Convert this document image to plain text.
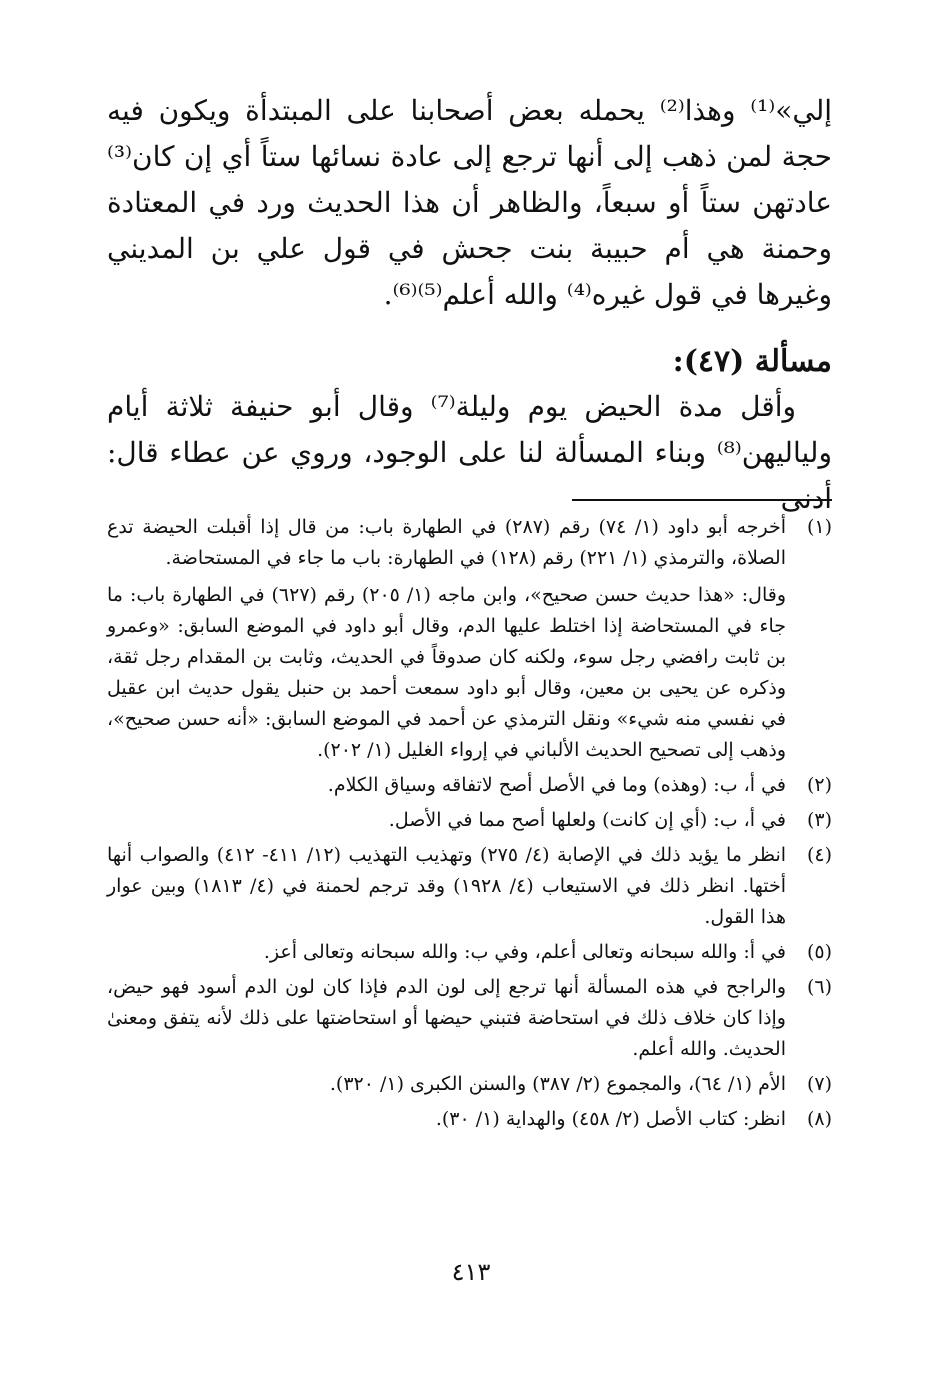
إلي»⁽¹⁾ وهذا⁽²⁾ يحمله بعض أصحابنا على المبتدأة ويكون فيه حجة لمن ذهب إلى أنها ترجع إلى عادة نسائها ستاً أي إن كان⁽³⁾ عادتهن ستاً أو سبعاً، والظاهر أن هذا الحديث ورد في المعتادة وحمنة هي أم حبيبة بنت جحش في قول علي بن المديني وغيرها في قول غيره⁽⁴⁾ والله أعلم⁽⁵⁾⁽⁶⁾.

مسألة (٤٧):

وأقل مدة الحيض يوم وليلة⁽⁷⁾ وقال أبو حنيفة ثلاثة أيام ولياليهن⁽⁸⁾ وبناء المسألة لنا على الوجود، وروي عن عطاء قال: أدنى

(١)

أخرجه أبو داود (١/ ٧٤) رقم (٢٨٧) في الطهارة باب: من قال إذا أقبلت الحيضة تدع الصلاة، والترمذي (١/ ٢٢١) رقم (١٢٨) في الطهارة: باب ما جاء في المستحاضة.

وقال: «هذا حديث حسن صحيح»، وابن ماجه (١/ ٢٠٥) رقم (٦٢٧) في الطهارة باب: ما جاء في المستحاضة إذا اختلط عليها الدم، وقال أبو داود في الموضع السابق: «وعمرو بن ثابت رافضي رجل سوء، ولكنه كان صدوقاً في الحديث، وثابت بن المقدام رجل ثقة، وذكره عن يحيى بن معين، وقال أبو داود سمعت أحمد بن حنبل يقول حديث ابن عقيل في نفسي منه شيء» ونقل الترمذي عن أحمد في الموضع السابق: «أنه حسن صحيح»، وذهب إلى تصحيح الحديث الألباني في إرواء الغليل (١/ ٢٠٢).

(٢)

في أ، ب: (وهذه) وما في الأصل أصح لاتفاقه وسياق الكلام.

(٣)

في أ، ب: (أي إن كانت) ولعلها أصح مما في الأصل.

(٤)

انظر ما يؤيد ذلك في الإصابة (٤/ ٢٧٥) وتهذيب التهذيب (١٢/ ٤١١- ٤١٢) والصواب أنها أختها. انظر ذلك في الاستيعاب (٤/ ١٩٢٨) وقد ترجم لحمنة في (٤/ ١٨١٣) وبين عوار هذا القول.

(٥)

في أ: والله سبحانه وتعالى أعلم، وفي ب: والله سبحانه وتعالى أعز.

(٦)

والراجح في هذه المسألة أنها ترجع إلى لون الدم فإذا كان لون الدم أسود فهو حيض، وإذا كان خلاف ذلك في استحاضة فتبني حيضها أو استحاضتها على ذلك لأنه يتفق ومعنىٰ الحديث. والله أعلم.

(٧)

الأم (١/ ٦٤)، والمجموع (٢/ ٣٨٧) والسنن الكبرى (١/ ٣٢٠).

(٨)

انظر: كتاب الأصل (٢/ ٤٥٨) والهداية (١/ ٣٠).

٤١٣
